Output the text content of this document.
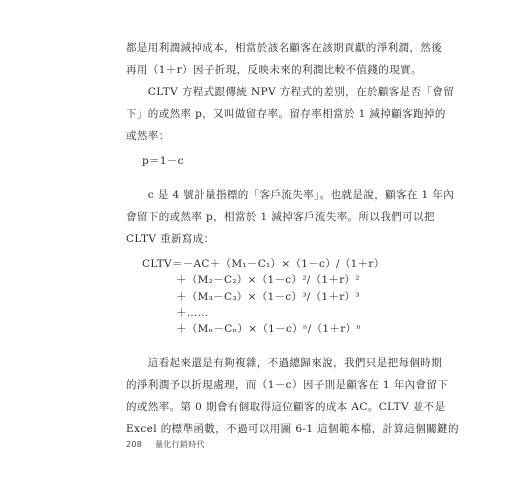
都是用利潤減掉成本，相當於該名顧客在該期貢獻的淨利潤，然後
再用（1＋r）因子折現，反映未來的利潤比較不值錢的現實。

　　CLTV 方程式跟傳統 NPV 方程式的差別，在於顧客是否「會留
下」的或然率 p，又叫做留存率。留存率相當於 1 減掉顧客跑掉的
或然率：

p＝1－c

　　c 是 4 號計量指標的「客戶流失率」。也就是說，顧客在 1 年內
會留下的或然率 p，相當於 1 減掉客戶流失率。所以我們可以把
CLTV 重新寫成：

CLTV＝－AC＋（M₁－C₁）×（1－c）/（1＋r）
＋（M₂－C₂）×（1－c）²/（1＋r）²
＋（M₃－C₃）×（1－c）³/（1＋r）³
＋……
＋（Mₙ－Cₙ）×（1－c）ⁿ/（1＋r）ⁿ

　　這看起來還是有夠複雜，不過總歸來說，我們只是把每個時期
的淨利潤予以折現處理，而（1－c）因子則是顧客在 1 年內會留下
的或然率。第 0 期會有個取得這位顧客的成本 AC。CLTV 並不是
Excel 的標準函數，不過可以用圖 6-1 這個範本檔，計算這個關鍵的

208 量化行銷時代
